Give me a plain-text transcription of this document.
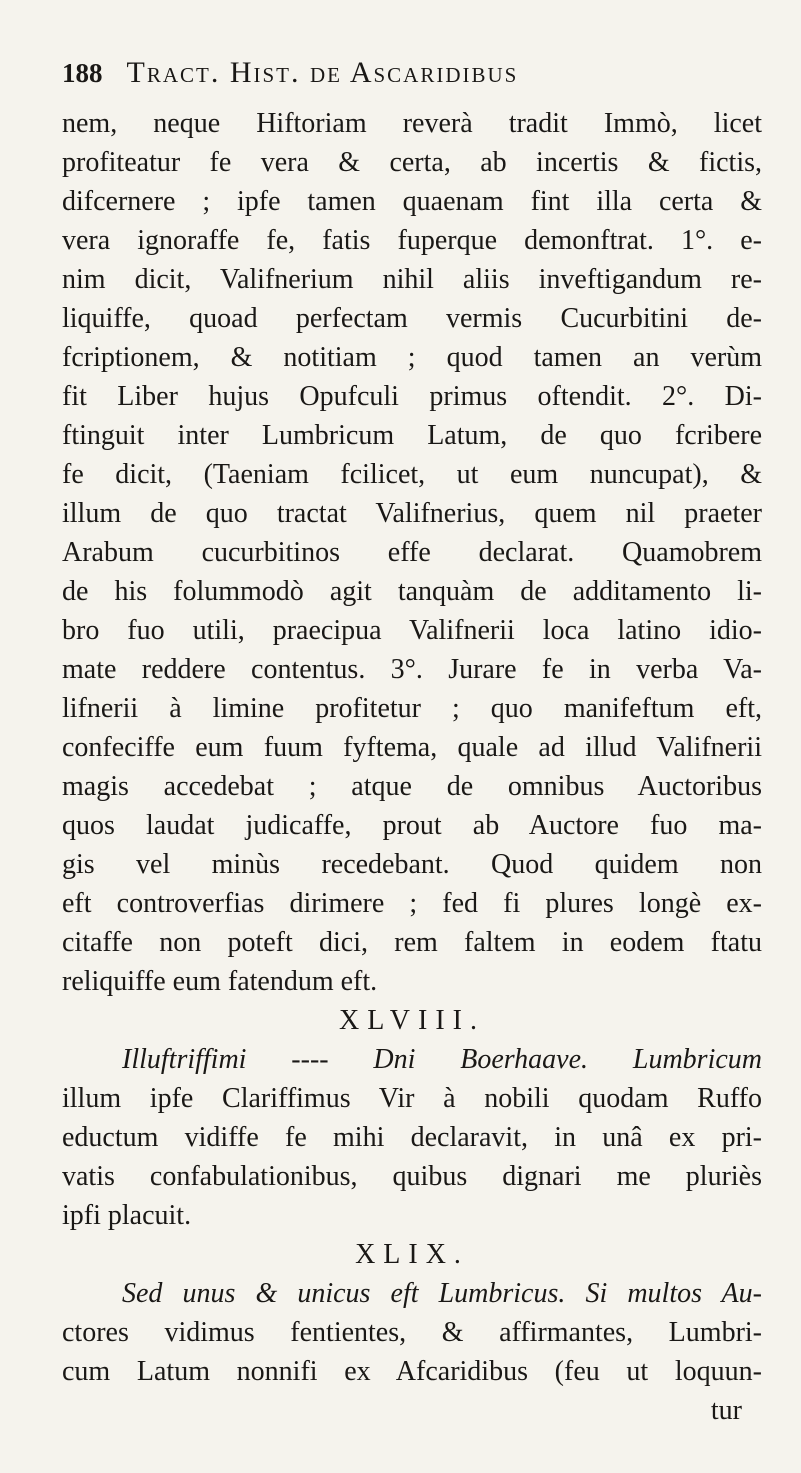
188 Tract. Hist. de Ascaridibus
nem, neque Hiftoriam reverà tradit Immò, licet
profiteatur fe vera & certa, ab incertis & fictis,
difcernere ; ipfe tamen quaenam fint illa certa &
vera ignoraffe fe, fatis fuperque demonftrat. 1°. e-
nim dicit, Valifnerium nihil aliis inveftigandum re-
liquiffe, quoad perfectam vermis Cucurbitini de-
fcriptionem, & notitiam ; quod tamen an verùm
fit Liber hujus Opufculi primus oftendit. 2°. Di-
ftinguit inter Lumbricum Latum, de quo fcribere
fe dicit, (Taeniam fcilicet, ut eum nuncupat), &
illum de quo tractat Valifnerius, quem nil praeter
Arabum cucurbitinos effe declarat. Quamobrem
de his folummodò agit tanquàm de additamento li-
bro fuo utili, praecipua Valifnerii loca latino idio-
mate reddere contentus. 3°. Jurare fe in verba Va-
lifnerii à limine profitetur ; quo manifeftum eft,
confeciffe eum fuum fyftema, quale ad illud Valifnerii
magis accedebat ; atque de omnibus Auctoribus
quos laudat judicaffe, prout ab Auctore fuo ma-
gis vel minùs recedebant. Quod quidem non
eft controverfias dirimere ; fed fi plures longè ex-
citaffe non poteft dici, rem faltem in eodem ftatu
reliquiffe eum fatendum eft.
XLVIII.
Illuftriffimi ---- Dni Boerhaave. Lumbricum
illum ipfe Clariffimus Vir à nobili quodam Ruffo
eductum vidiffe fe mihi declaravit, in unâ ex pri-
vatis confabulationibus, quibus dignari me pluriès
ipfi placuit.
XLIX.
Sed unus & unicus eft Lumbricus. Si multos Au-
ctores vidimus fentientes, & affirmantes, Lumbri-
cum Latum nonnifi ex Afcaridibus (feu ut loquun-
tur
